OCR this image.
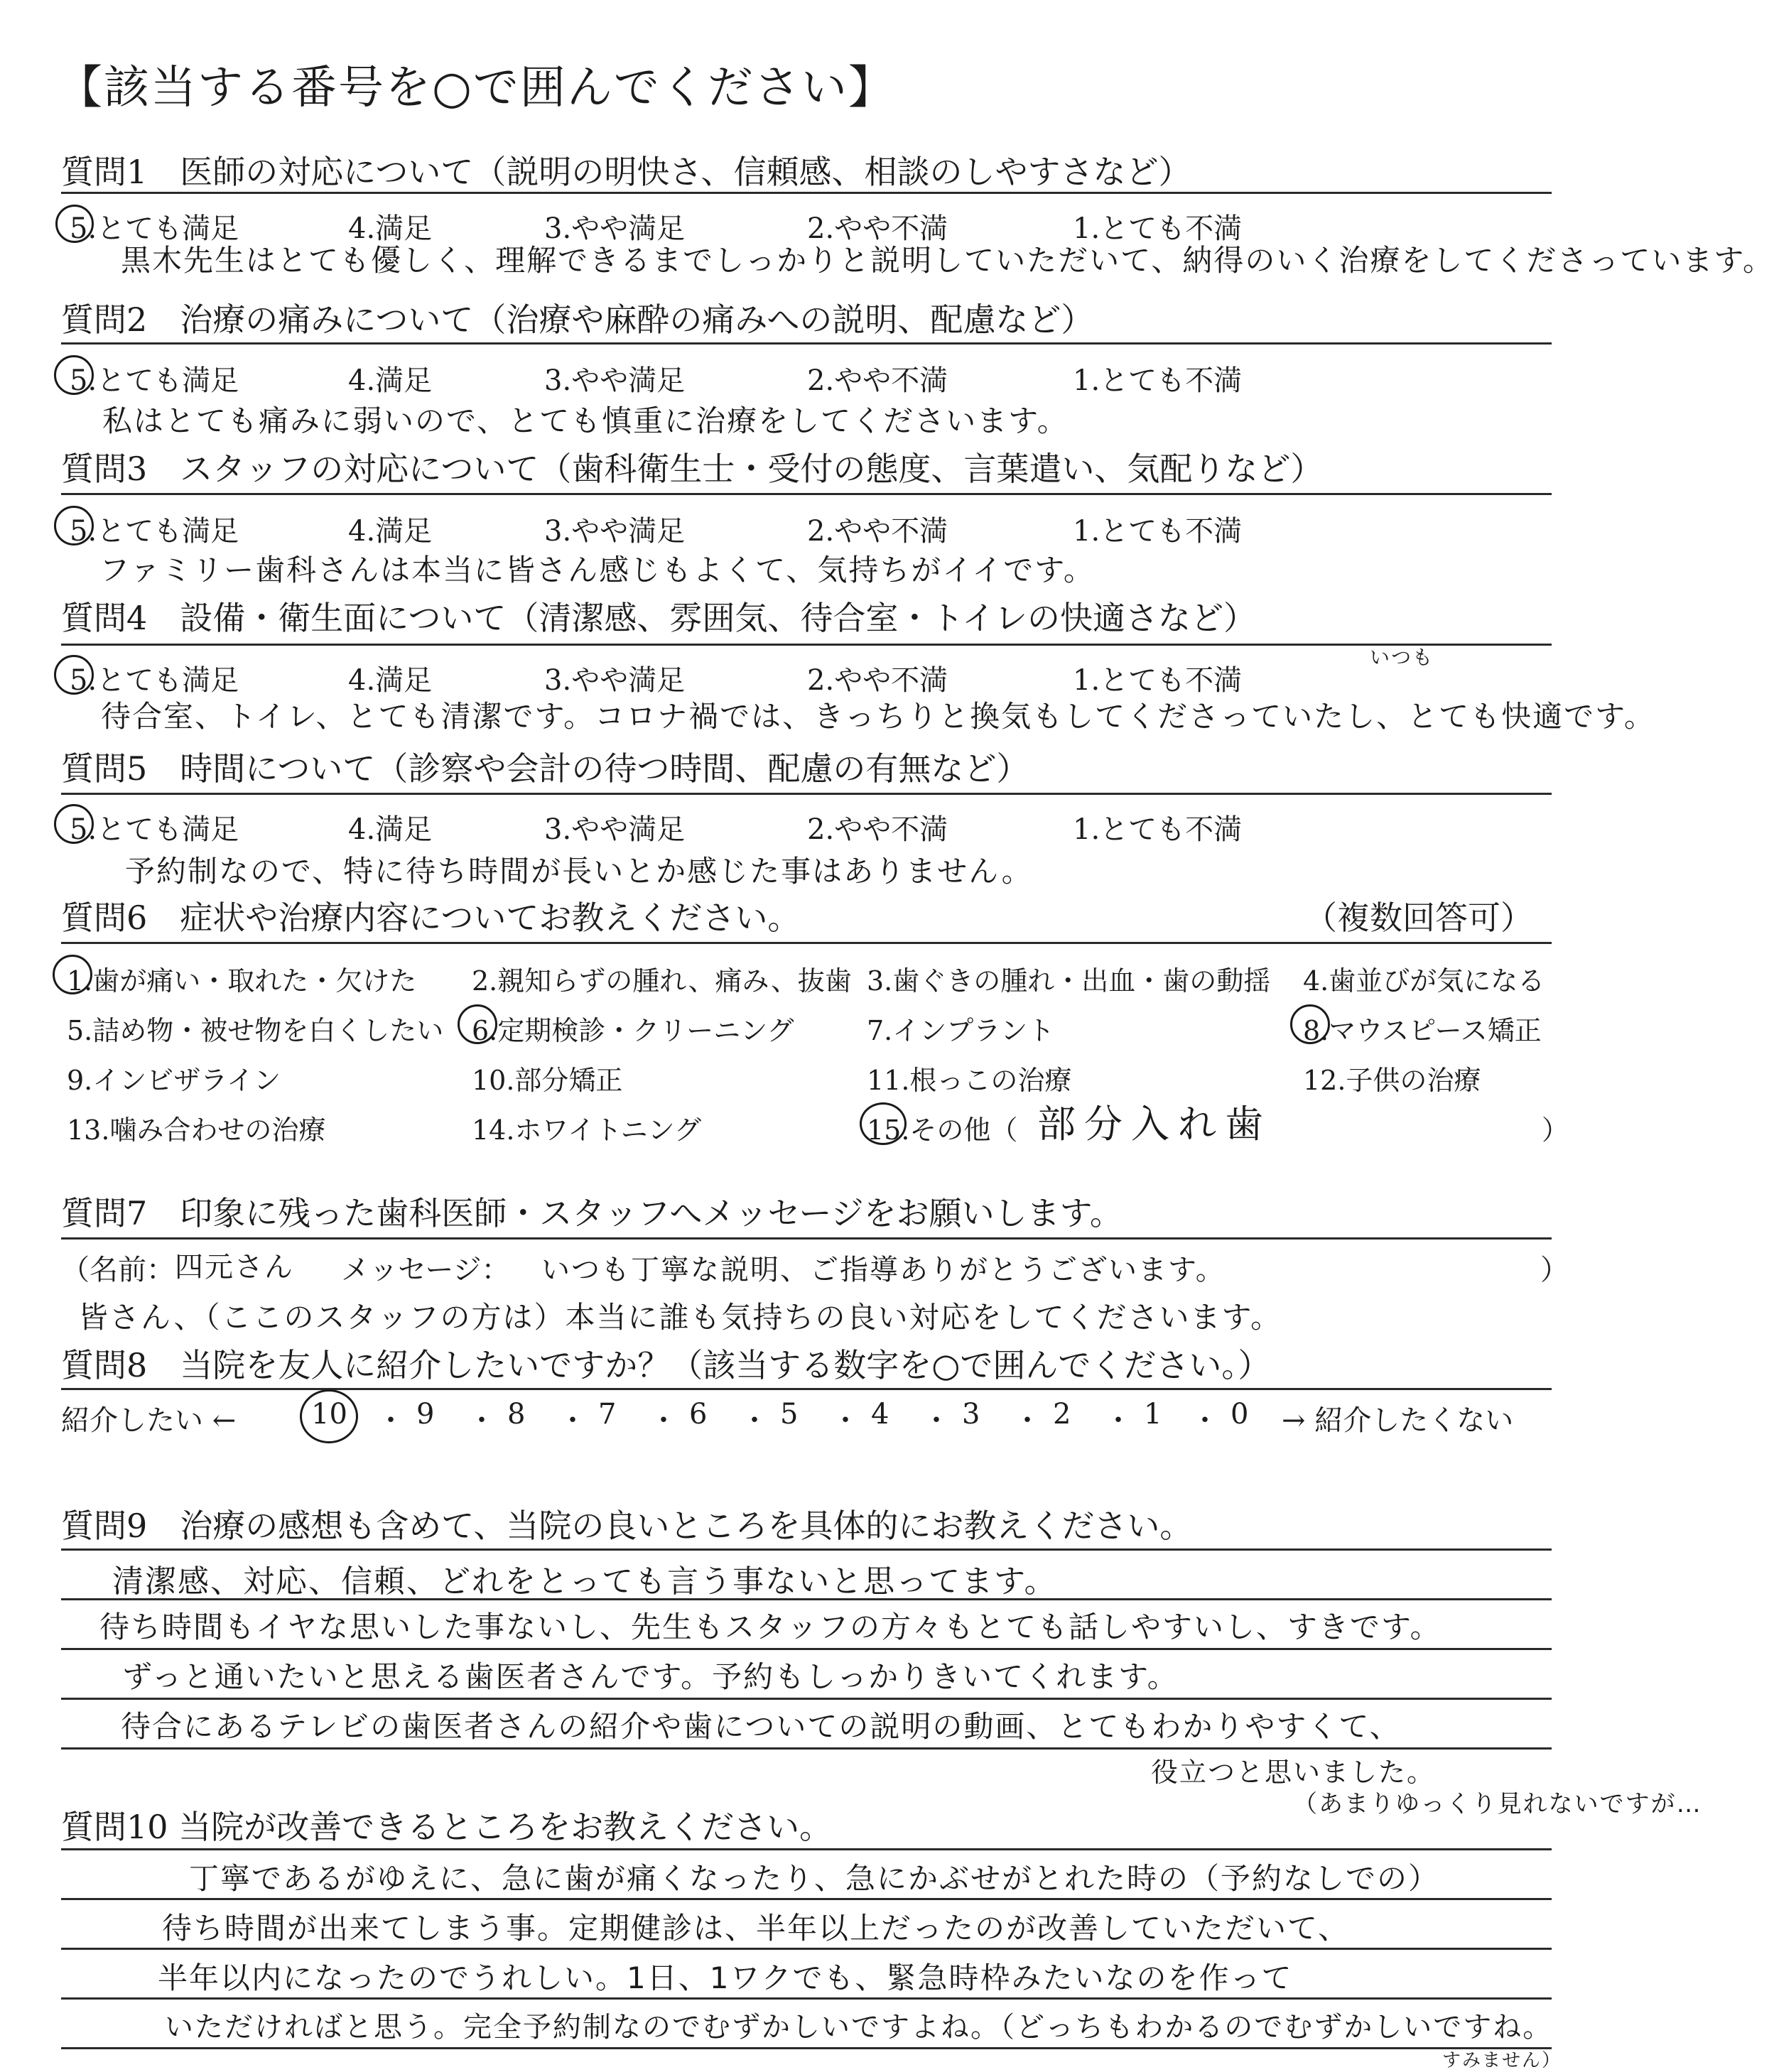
【該当する番号を○で囲んでください】
質問1　医師の対応について（説明の明快さ、信頼感、相談のしやすさなど）
5.とても満足	4.満足	3.やや満足	2.やや不満	1.とても不満
黒木先生はとても優しく、理解できるまでしっかりと説明していただいて、納得のいく治療をしてくださっています。
質問2　治療の痛みについて（治療や麻酔の痛みへの説明、配慮など）
5.とても満足	4.満足	3.やや満足	2.やや不満	1.とても不満
私はとても痛みに弱いので、とても慎重に治療をしてくださいます。
質問3　スタッフの対応について（歯科衛生士・受付の態度、言葉遣い、気配りなど）
5.とても満足	4.満足	3.やや満足	2.やや不満	1.とても不満
ファミリー歯科さんは本当に皆さん感じもよくて、気持ちがイイです。
質問4　設備・衛生面について（清潔感、雰囲気、待合室・トイレの快適さなど）
5.とても満足	4.満足	3.やや満足	2.やや不満	1.とても不満
いつも
待合室、トイレ、とても清潔です。コロナ禍では、きっちりと換気もしてくださっていたし、とても快適です。
質問5　時間について（診察や会計の待つ時間、配慮の有無など）
5.とても満足	4.満足	3.やや満足	2.やや不満	1.とても不満
予約制なので、特に待ち時間が長いとか感じた事はありません。
質問6　症状や治療内容についてお教えください。	（複数回答可）
1.歯が痛い・取れた・欠けた 2.親知らずの腫れ、痛み、抜歯 3.歯ぐきの腫れ・出血・歯の動揺 4.歯並びが気になる
5.詰め物・被せ物を白くしたい 6.定期検診・クリーニング	7.インプラント	8.マウスピース矯正
9.インビザライン	10.部分矯正	11.根っこの治療	12.子供の治療
13.噛み合わせの治療	14.ホワイトニング	15.その他（ 部分入れ歯	）
質問7　印象に残った歯科医師・スタッフへメッセージをお願いします。
（名前： 四元さん メッセージ： いつも丁寧な説明、ご指導ありがとうございます。	）
皆さん、（ここのスタッフの方は）本当に誰も気持ちの良い対応をしてくださいます。
質問8　当院を友人に紹介したいですか？（該当する数字を○で囲んでください。）
紹介したい ←	→ 紹介したくない
10 9	8	7	6	5	4	3	2	1 0
・ ・ ・ ・ ・ ・ ・ ・ ・ ・
質問9　治療の感想も含めて、当院の良いところを具体的にお教えください。
清潔感、対応、信頼、どれをとっても言う事ないと思ってます。
待ち時間もイヤな思いした事ないし、先生もスタッフの方々もとても話しやすいし、すきです。
ずっと通いたいと思える歯医者さんです。予約もしっかりきいてくれます。
待合にあるテレビの歯医者さんの紹介や歯についての説明の動画、とてもわかりやすくて、
役立つと思いました。
（あまりゆっくり見れないですが…
質問10 当院が改善できるところをお教えください。
丁寧であるがゆえに、急に歯が痛くなったり、急にかぶせがとれた時の（予約なしでの）
待ち時間が出来てしまう事。定期健診は、半年以上だったのが改善していただいて、
半年以内になったのでうれしい。1日、1ワクでも、緊急時枠みたいなのを作って
いただければと思う。完全予約制なのでむずかしいですよね。（どっちもわかるのでむずかしいですね。
すみません）
